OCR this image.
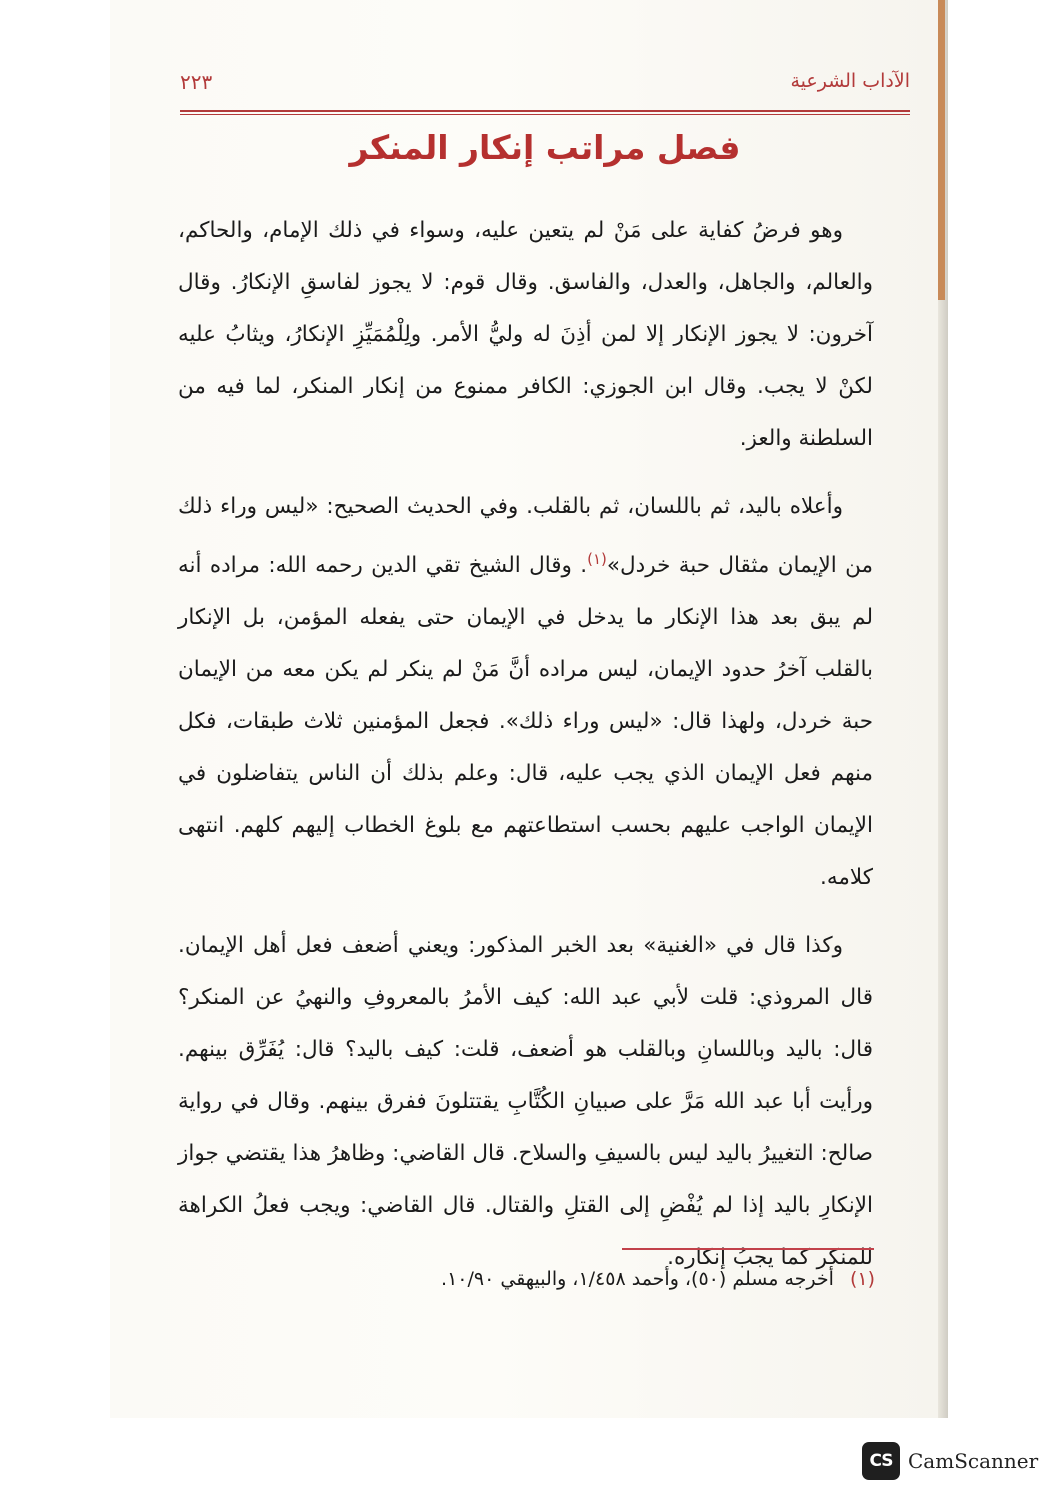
الآداب الشرعية
٢٢٣
فصل مراتب إنكار المنكر

وهو فرضُ كفاية على مَنْ لم يتعين عليه، وسواء في ذلك الإمام، والحاكم، والعالم، والجاهل، والعدل، والفاسق. وقال قوم: لا يجوز لفاسقِ الإنكارُ. وقال آخرون: لا يجوز الإنكار إلا لمن أذِنَ له وليُّ الأمر. ولِلْمُمَيِّزِ الإنكارُ، ويثابُ عليه لكنْ لا يجب. وقال ابن الجوزي: الكافر ممنوع من إنكار المنكر، لما فيه من السلطنة والعز.

وأعلاه باليد، ثم باللسان، ثم بالقلب. وفي الحديث الصحيح: «ليس وراء ذلك من الإيمان مثقال حبة خردل»$^{(١)}$. وقال الشيخ تقي الدين رحمه الله: مراده أنه لم يبق بعد هذا الإنكار ما يدخل في الإيمان حتى يفعله المؤمن، بل الإنكار بالقلب آخرُ حدود الإيمان، ليس مراده أنَّ مَنْ لم ينكر لم يكن معه من الإيمان حبة خردل، ولهذا قال: «ليس وراء ذلك». فجعل المؤمنين ثلاث طبقات، فكل منهم فعل الإيمان الذي يجب عليه، قال: وعلم بذلك أن الناس يتفاضلون في الإيمان الواجب عليهم بحسب استطاعتهم مع بلوغ الخطاب إليهم كلهم. انتهى كلامه.

وكذا قال في «الغنية» بعد الخبر المذكور: ويعني أضعف فعل أهل الإيمان. قال المروذي: قلت لأبي عبد الله: كيف الأمرُ بالمعروفِ والنهيُ عن المنكر؟ قال: باليد وباللسانِ وبالقلب هو أضعف، قلت: كيف باليد؟ قال: يُفَرِّق بينهم. ورأيت أبا عبد الله مَرَّ على صبيانِ الكُتَّابِ يقتتلونَ ففرق بينهم. وقال في رواية صالح: التغييرُ باليد ليس بالسيفِ والسلاح. قال القاضي: وظاهرُ هذا يقتضي جواز الإنكارِ باليد إذا لم يُفْضِ إلى القتلِ والقتال. قال القاضي: ويجب فعلُ الكراهة للمنكر كما يجبُ إنكاره.

(١) أخرجه مسلم (٥٠)، وأحمد ١/٤٥٨، والبيهقي ١٠/٩٠.
CS CamScanner
